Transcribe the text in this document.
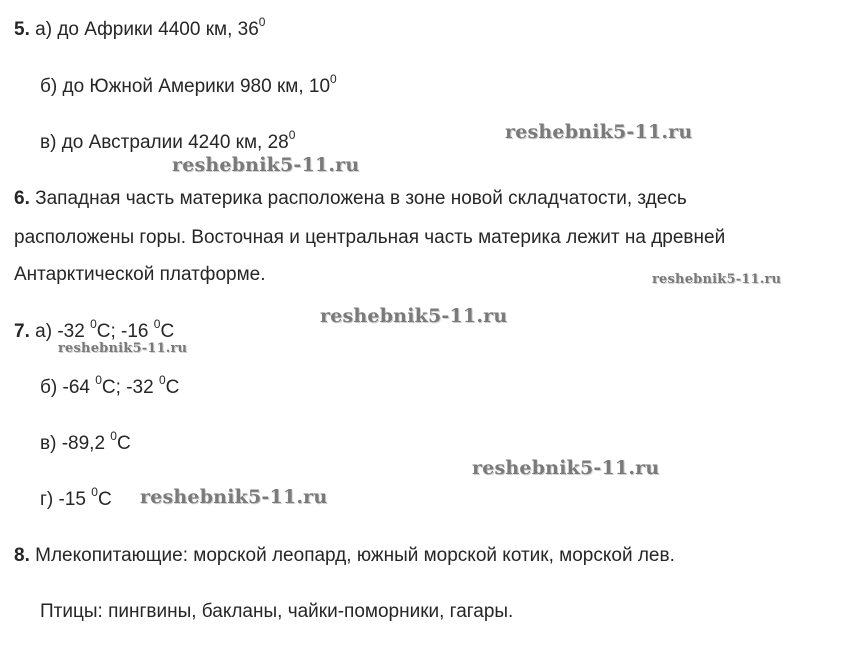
5. а) до Африки 4400 км, $36^0$
б) до Южной Америки 980 км, $10^0$
в) до Австралии 4240 км, $28^0$
6. Западная часть материка расположена в зоне новой складчатости, здесь
расположены горы. Восточная и центральная часть материка лежит на древней
Антарктической платформе.
7. а) -32 $^0$C; -16 $^0$C
б) -64 $^0$C; -32 $^0$C
в) -89,2 $^0$C
г) -15 $^0$C
8. Млекопитающие: морской леопард, южный морской котик, морской лев.
Птицы: пингвины, бакланы, чайки-поморники, гагары.
reshebnik5-11.ru
reshebnik5-11.ru
reshebnik5-11.ru
reshebnik5-11.ru
reshebnik5-11.ru
reshebnik5-11.ru
reshebnik5-11.ru
